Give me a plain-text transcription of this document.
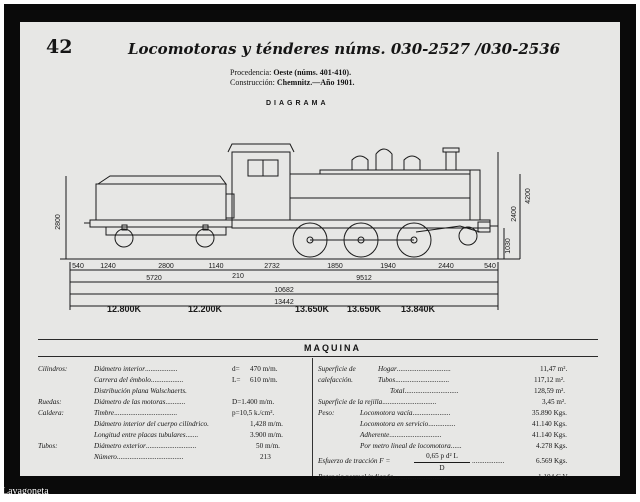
42	Locomotoras y ténderes núms. 030-2527 /030-2536
Procedencia: Oeste (núms. 401-410).
Construcción: Chemnitz.—Año 1901.
DIAGRAMA
2800
1030
2400
4200
540 1240	2800	1140	2732	1850	1940	2440	540
5720	210	9512
10682
13442
12.800K	12.200K	13.650K 13.650K 13.840K
MAQUINA
Cilindros:	Diámetro interior..................	d= 470 m/m.
Carrera del émbolo..................	L= 610 m/m.
Distribución plana Walschaerts.
Ruedas:	Diámetro de las motoras...........	D=1.400 m/m.
Caldera:	Timbre...................................	p=10,5 k./cm².
Diámetro interior del cuerpo cilíndrico.	1,428 m/m.
Longitud entre placas tubulares.......	3.900 m/m.
Tubos:	Diámetro exterior............................	50 m/m.
Número.....................................	213
Superficie de	Hogar..............................	11,47 m².
calefacción.	Tubos..............................	117,12 m².
Total..............................	128,59 m².
Superficie de la rejilla..............................	3,45 m².
Peso:	Locomotora vacía.....................	35.890 Kgs.
Locomotora en servicio...............	41.140 Kgs.
Adherente.............................	41.140 Kgs.
Por metro lineal de locomotora......	4.278 Kgs.
Esfuerzo de tracción F =
0,65 p d² L
D
..................	6.569 Kgs.
Potencia normal indicada..............................	1.104 C.V.
Lavagoneta
